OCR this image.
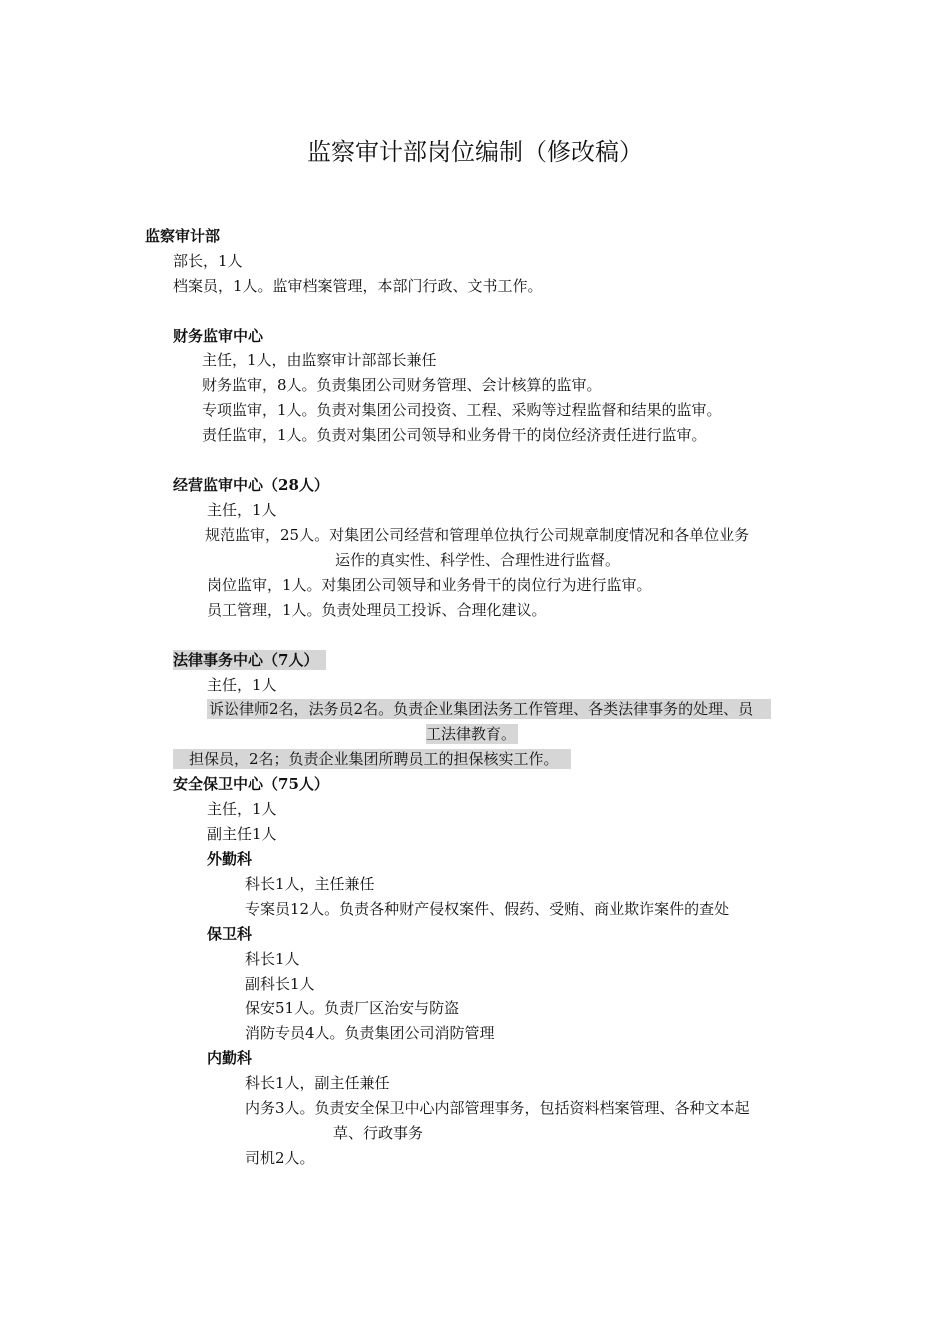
监察审计部岗位编制（修改稿）
监察审计部
部长，1人
档案员，1人。监审档案管理，本部门行政、文书工作。
财务监审中心
主任，1人，由监察审计部部长兼任
财务监审，8人。负责集团公司财务管理、会计核算的监审。
专项监审，1人。负责对集团公司投资、工程、采购等过程监督和结果的监审。
责任监审，1人。负责对集团公司领导和业务骨干的岗位经济责任进行监审。
经营监审中心（28人）
主任，1人
规范监审，25人。对集团公司经营和管理单位执行公司规章制度情况和各单位业务
运作的真实性、科学性、合理性进行监督。
岗位监审，1人。对集团公司领导和业务骨干的岗位行为进行监审。
员工管理，1人。负责处理员工投诉、合理化建议。
法律事务中心（7人）
主任，1人
诉讼律师2名，法务员2名。负责企业集团法务工作管理、各类法律事务的处理、员
工法律教育。
担保员，2名；负责企业集团所聘员工的担保核实工作。
安全保卫中心（75人）
主任，1人
副主任1人
外勤科
科长1人，主任兼任
专案员12人。负责各种财产侵权案件、假药、受贿、商业欺诈案件的查处
保卫科
科长1人
副科长1人
保安51人。负责厂区治安与防盗
消防专员4人。负责集团公司消防管理
内勤科
科长1人，副主任兼任
内务3人。负责安全保卫中心内部管理事务，包括资料档案管理、各种文本起
草、行政事务
司机2人。
